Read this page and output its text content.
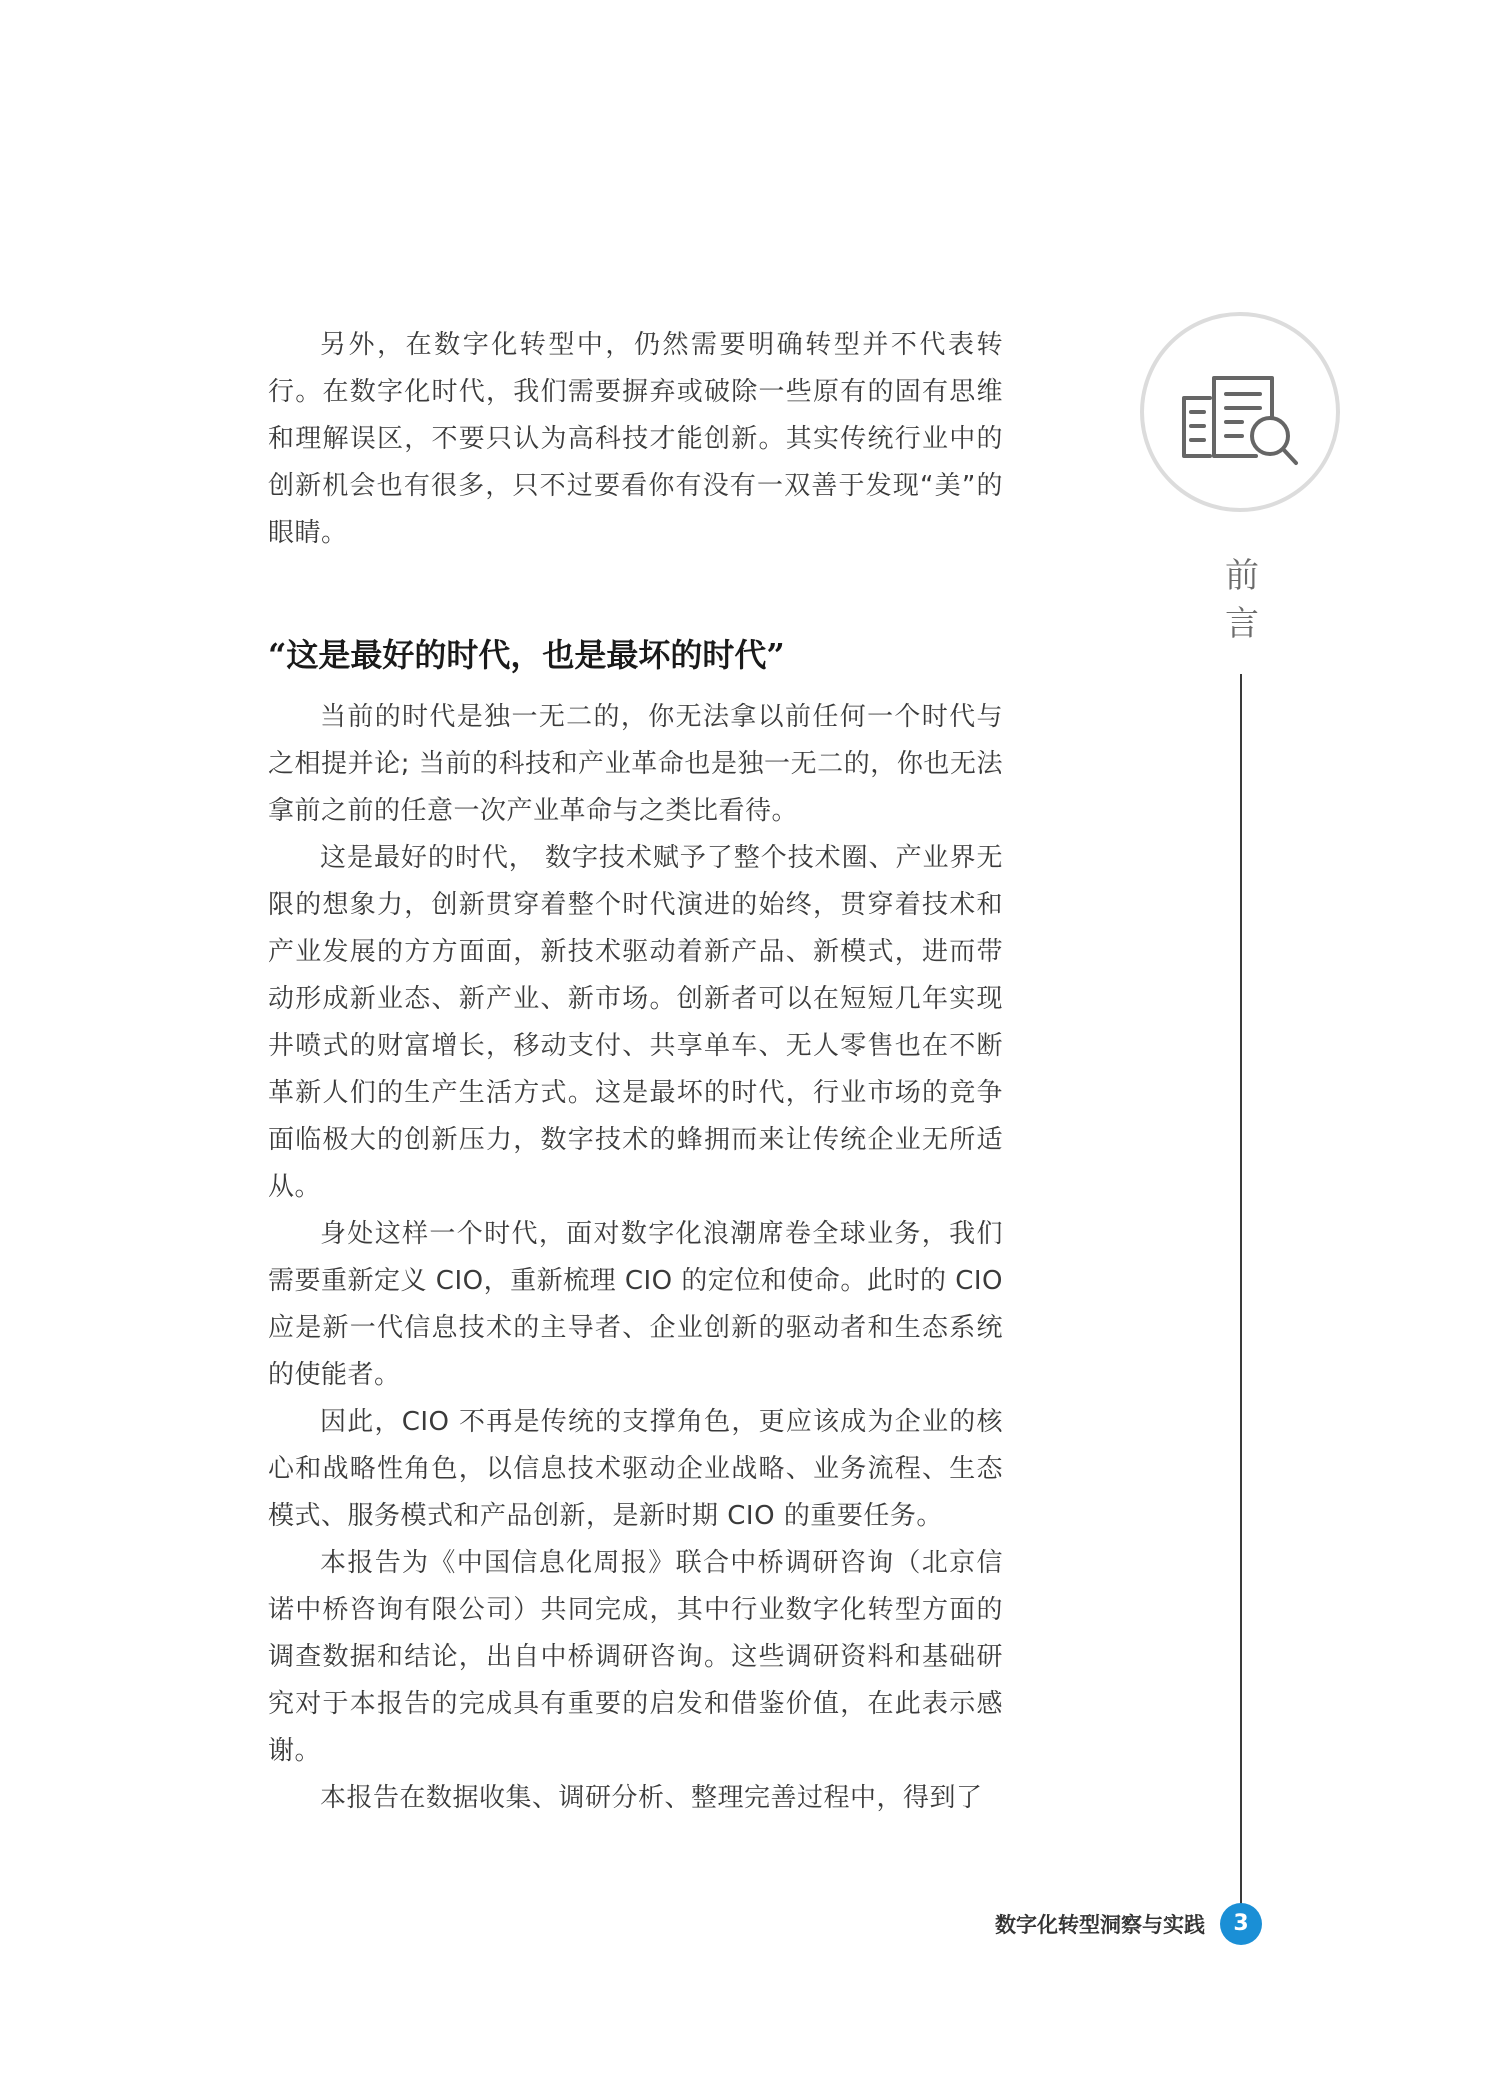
另外，在数字化转型中，仍然需要明确转型并不代表转行。在数字化时代，我们需要摒弃或破除一些原有的固有思维和理解误区，不要只认为高科技才能创新。其实传统行业中的创新机会也有很多，只不过要看你有没有一双善于发现“美”的眼睛。

“这是最好的时代，也是最坏的时代”

当前的时代是独一无二的，你无法拿以前任何一个时代与之相提并论; 当前的科技和产业革命也是独一无二的，你也无法拿前之前的任意一次产业革命与之类比看待。

这是最好的时代， 数字技术赋予了整个技术圈、产业界无限的想象力，创新贯穿着整个时代演进的始终，贯穿着技术和产业发展的方方面面，新技术驱动着新产品、新模式，进而带动形成新业态、新产业、新市场。创新者可以在短短几年实现井喷式的财富增长，移动支付、共享单车、无人零售也在不断革新人们的生产生活方式。这是最坏的时代，行业市场的竞争面临极大的创新压力，数字技术的蜂拥而来让传统企业无所适从。

身处这样一个时代，面对数字化浪潮席卷全球业务，我们需要重新定义 CIO，重新梳理 CIO 的定位和使命。此时的 CIO 应是新一代信息技术的主导者、企业创新的驱动者和生态系统的使能者。

因此，CIO 不再是传统的支撑角色，更应该成为企业的核心和战略性角色，以信息技术驱动企业战略、业务流程、生态模式、服务模式和产品创新，是新时期 CIO 的重要任务。

本报告为《中国信息化周报》联合中桥调研咨询（北京信诺中桥咨询有限公司）共同完成，其中行业数字化转型方面的调查数据和结论，出自中桥调研咨询。这些调研资料和基础研究对于本报告的完成具有重要的启发和借鉴价值，在此表示感谢。

本报告在数据收集、调研分析、整理完善过程中，得到了

前言
数字化转型洞察与实践	3
